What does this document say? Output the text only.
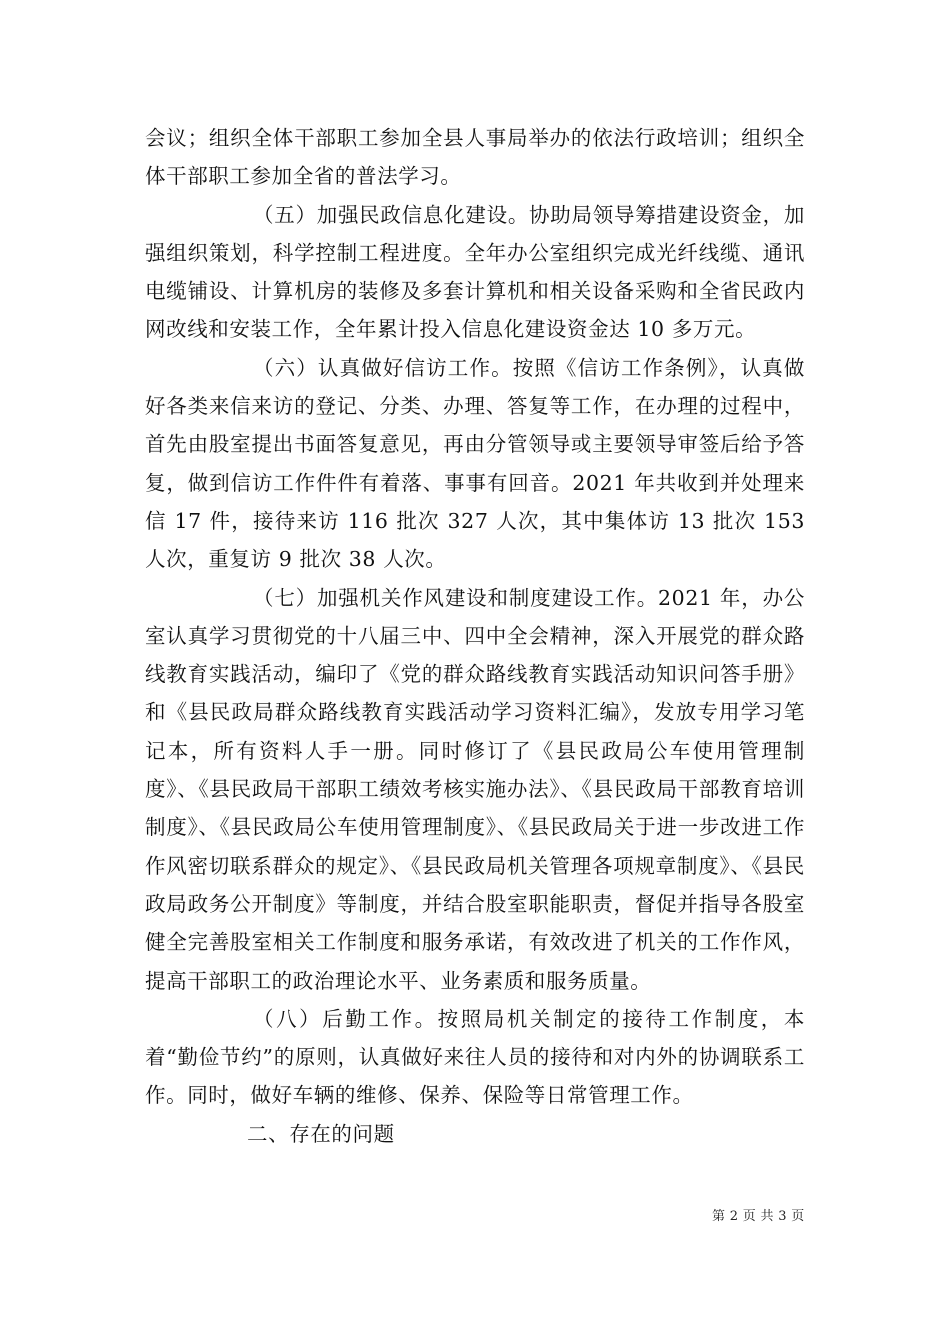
会议；组织全体干部职工参加全县人事局举办的依法行政培训；组织全体干部职工参加全省的普法学习。

（五）加强民政信息化建设。协助局领导筹措建设资金，加强组织策划，科学控制工程进度。全年办公室组织完成光纤线缆、通讯电缆铺设、计算机房的装修及多套计算机和相关设备采购和全省民政内网改线和安装工作，全年累计投入信息化建设资金达 10 多万元。

（六）认真做好信访工作。按照《信访工作条例》，认真做好各类来信来访的登记、分类、办理、答复等工作，在办理的过程中，首先由股室提出书面答复意见，再由分管领导或主要领导审签后给予答复，做到信访工作件件有着落、事事有回音。2021 年共收到并处理来信 17 件，接待来访 116 批次 327 人次，其中集体访 13 批次 153 人次，重复访 9 批次 38 人次。

（七）加强机关作风建设和制度建设工作。2021 年，办公室认真学习贯彻党的十八届三中、四中全会精神，深入开展党的群众路线教育实践活动，编印了《党的群众路线教育实践活动知识问答手册》和《县民政局群众路线教育实践活动学习资料汇编》，发放专用学习笔记本，所有资料人手一册。同时修订了《县民政局公车使用管理制度》、《县民政局干部职工绩效考核实施办法》、《县民政局干部教育培训制度》、《县民政局公车使用管理制度》、《县民政局关于进一步改进工作作风密切联系群众的规定》、《县民政局机关管理各项规章制度》、《县民政局政务公开制度》等制度，并结合股室职能职责，督促并指导各股室健全完善股室相关工作制度和服务承诺，有效改进了机关的工作作风，提高干部职工的政治理论水平、业务素质和服务质量。

（八）后勤工作。按照局机关制定的接待工作制度，本着“勤俭节约”的原则，认真做好来往人员的接待和对内外的协调联系工作。同时，做好车辆的维修、保养、保险等日常管理工作。

二、存在的问题

第 2 页 共 3 页
